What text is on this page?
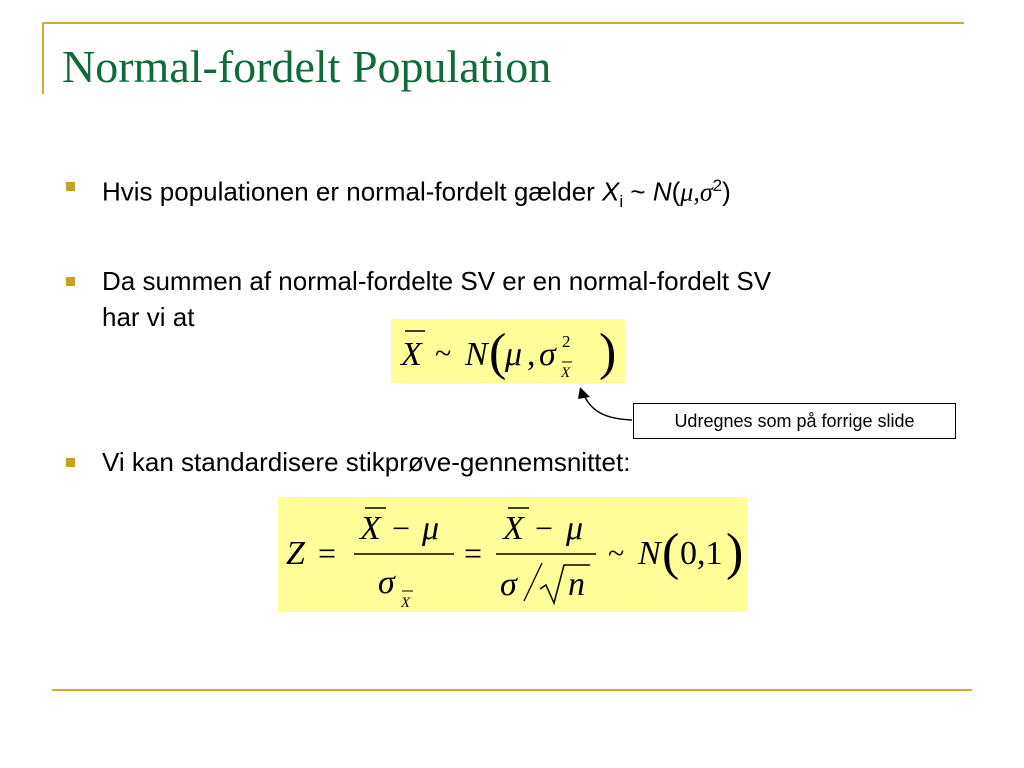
Normal-fordelt Population
Hvis populationen er normal-fordelt gælder $X_i$ ~ $N(\mu,\sigma^2)$
Da summen af normal-fordelte SV er en normal-fordelt SV
har vi at
X ~ N (
μ , σ 2
X )
Udregnes som på forrige slide
Vi kan standardisere stikprøve-gennemsnittet:
Z =
X − μ
σ
X
=
X − μ
σ n
~ N ( 0,1 )
